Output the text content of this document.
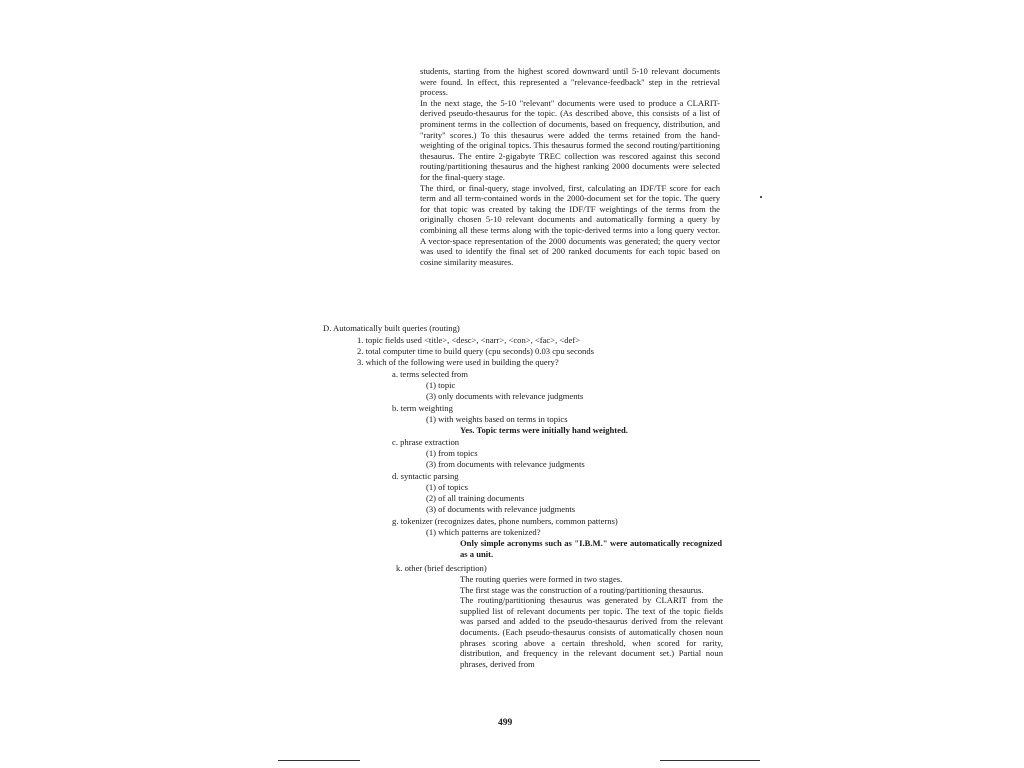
students, starting from the highest scored downward until 5-10 relevant documents were found. In effect, this represented a "relevance-feedback" step in the retrieval process.

In the next stage, the 5-10 "relevant" documents were used to produce a CLARIT-derived pseudo-thesaurus for the topic. (As described above, this consists of a list of prominent terms in the collection of documents, based on frequency, distribution, and "rarity" scores.) To this thesaurus were added the terms retained from the hand-weighting of the original topics. This thesaurus formed the second routing/partitioning thesaurus. The entire 2-gigabyte TREC collection was rescored against this second routing/partitioning thesaurus and the highest ranking 2000 documents were selected for the final-query stage.

The third, or final-query, stage involved, first, calculating an IDF/TF score for each term and all term-contained words in the 2000-document set for the topic. The query for that topic was created by taking the IDF/TF weightings of the terms from the originally chosen 5-10 relevant documents and automatically forming a query by combining all these terms along with the topic-derived terms into a long query vector. A vector-space representation of the 2000 documents was generated; the query vector was used to identify the final set of 200 ranked documents for each topic based on cosine similarity measures.

D. Automatically built queries (routing)
1. topic fields used <title>, <desc>, <narr>, <con>, <fac>, <def>
2. total computer time to build query (cpu seconds) 0.03 cpu seconds
3. which of the following were used in building the query?
a. terms selected from
(1) topic
(3) only documents with relevance judgments
b. term weighting
(1) with weights based on terms in topics
Yes. Topic terms were initially hand weighted.
c. phrase extraction
(1) from topics
(3) from documents with relevance judgments
d. syntactic parsing
(1) of topics
(2) of all training documents
(3) of documents with relevance judgments
g. tokenizer (recognizes dates, phone numbers, common patterns)
(1) which patterns are tokenized?

Only simple acronyms such as "I.B.M." were automatically recognized as a unit.

k. other (brief description)

The routing queries were formed in two stages.

The first stage was the construction of a routing/partitioning thesaurus.

The routing/partitioning thesaurus was generated by CLARIT from the supplied list of relevant documents per topic. The text of the topic fields was parsed and added to the pseudo-thesaurus derived from the relevant documents. (Each pseudo-thesaurus consists of automatically chosen noun phrases scoring above a certain threshold, when scored for rarity, distribution, and frequency in the relevant document set.) Partial noun phrases, derived from

499
